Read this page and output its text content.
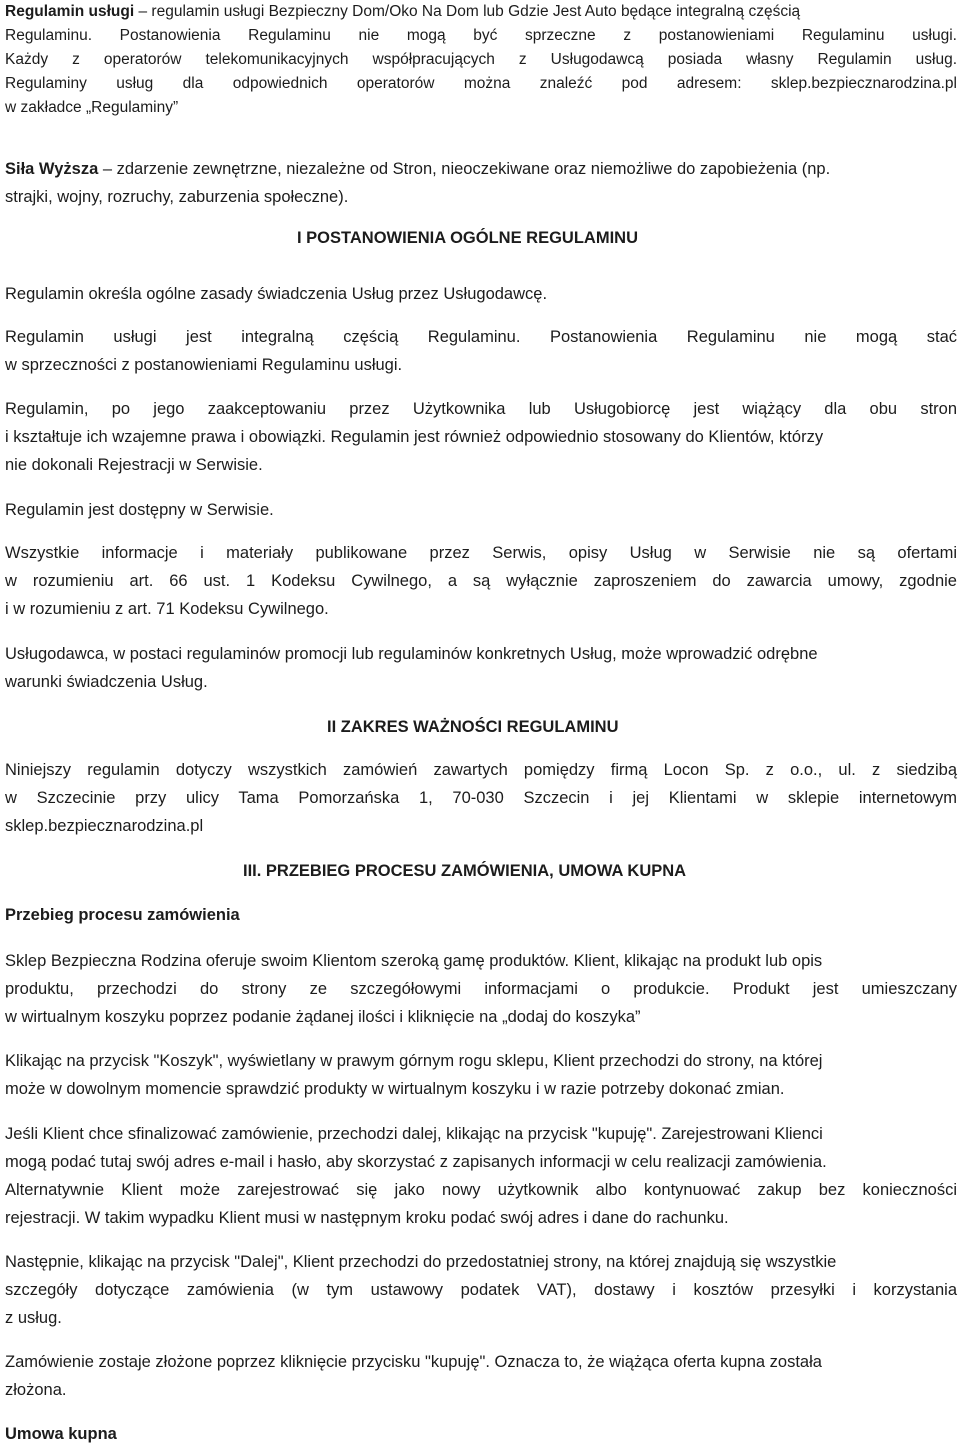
Regulamin usługi – regulamin usługi Bezpieczny Dom/Oko Na Dom lub Gdzie Jest Auto będące integralną częścią
Regulaminu. Postanowienia Regulaminu nie mogą być sprzeczne z postanowieniami Regulaminu usługi.
Każdy z operatorów telekomunikacyjnych współpracujących z Usługodawcą posiada własny Regulamin usług.
Regulaminy usług dla odpowiednich operatorów można znaleźć pod adresem: sklep.bezpiecznarodzina.pl
w zakładce „Regulaminy”
Siła Wyższa – zdarzenie zewnętrzne, niezależne od Stron, nieoczekiwane oraz niemożliwe do zapobieżenia (np.
strajki, wojny, rozruchy, zaburzenia społeczne).
I POSTANOWIENIA OGÓLNE REGULAMINU

Regulamin określa ogólne zasady świadczenia Usług przez Usługodawcę.

Regulamin usługi jest integralną częścią Regulaminu. Postanowienia Regulaminu nie mogą stać
w sprzeczności z postanowieniami Regulaminu usługi.
Regulamin, po jego zaakceptowaniu przez Użytkownika lub Usługobiorcę jest wiążący dla obu stron
i kształtuje ich wzajemne prawa i obowiązki. Regulamin jest również odpowiednio stosowany do Klientów, którzy
nie dokonali Rejestracji w Serwisie.

Regulamin jest dostępny w Serwisie.

Wszystkie informacje i materiały publikowane przez Serwis, opisy Usług w Serwisie nie są ofertami
w rozumieniu art. 66 ust. 1 Kodeksu Cywilnego, a są wyłącznie zaproszeniem do zawarcia umowy, zgodnie
i w rozumieniu z art. 71 Kodeksu Cywilnego.
Usługodawca, w postaci regulaminów promocji lub regulaminów konkretnych Usług, może wprowadzić odrębne
warunki świadczenia Usług.
II ZAKRES WAŻNOŚCI REGULAMINU
Niniejszy regulamin dotyczy wszystkich zamówień zawartych pomiędzy firmą Locon Sp. z o.o., ul. z siedzibą
w Szczecinie przy ulicy Tama Pomorzańska 1, 70-030 Szczecin i jej Klientami w sklepie internetowym
sklep.bezpiecznarodzina.pl
III. PRZEBIEG PROCESU ZAMÓWIENIA, UMOWA KUPNA
Przebieg procesu zamówienia
Sklep Bezpieczna Rodzina oferuje swoim Klientom szeroką gamę produktów. Klient, klikając na produkt lub opis
produktu, przechodzi do strony ze szczegółowymi informacjami o produkcie. Produkt jest umieszczany
w wirtualnym koszyku poprzez podanie żądanej ilości i kliknięcie na „dodaj do koszyka”
Klikając na przycisk "Koszyk", wyświetlany w prawym górnym rogu sklepu, Klient przechodzi do strony, na której
może w dowolnym momencie sprawdzić produkty w wirtualnym koszyku i w razie potrzeby dokonać zmian.
Jeśli Klient chce sfinalizować zamówienie, przechodzi dalej, klikając na przycisk "kupuję". Zarejestrowani Klienci
mogą podać tutaj swój adres e-mail i hasło, aby skorzystać z zapisanych informacji w celu realizacji zamówienia.
Alternatywnie Klient może zarejestrować się jako nowy użytkownik albo kontynuować zakup bez konieczności
rejestracji. W takim wypadku Klient musi w następnym kroku podać swój adres i dane do rachunku.
Następnie, klikając na przycisk "Dalej", Klient przechodzi do przedostatniej strony, na której znajdują się wszystkie
szczegóły dotyczące zamówienia (w tym ustawowy podatek VAT), dostawy i kosztów przesyłki i korzystania
z usług.
Zamówienie zostaje złożone poprzez kliknięcie przycisku "kupuję". Oznacza to, że wiążąca oferta kupna została
złożona.
Umowa kupna
